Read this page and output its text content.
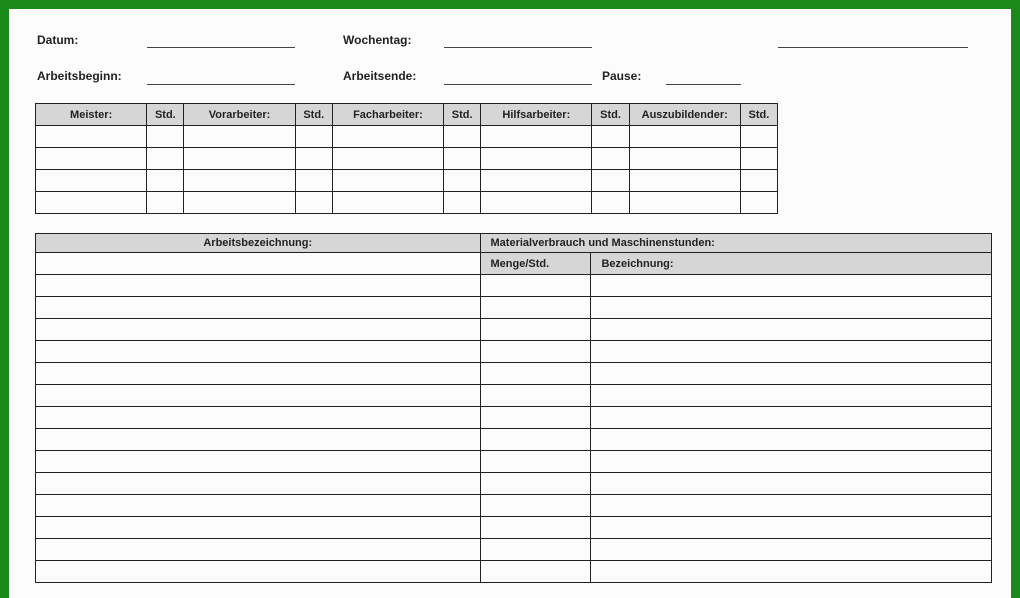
Datum:	Wochentag:
Arbeitsbeginn:	Arbeitsende:	Pause:
Meister:	Std.	Vorarbeiter:	Std.	Facharbeiter:	Std.	Hilfsarbeiter:	Std.	Auszubildender:	Std.

Arbeitsbezeichnung:	Materialverbrauch und Maschinenstunden:	
	Menge/Std.	Bezeichnung:
